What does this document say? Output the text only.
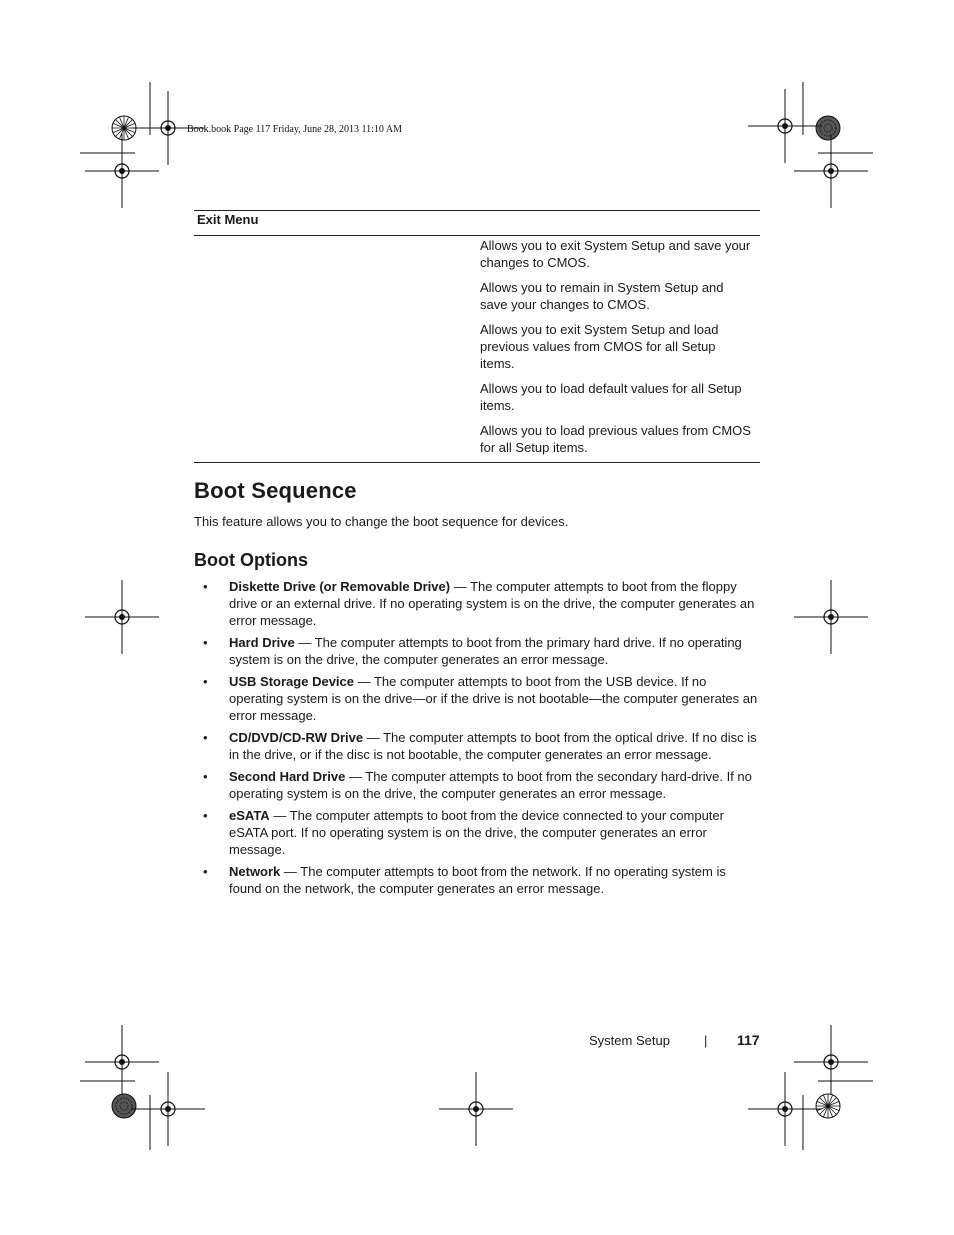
Book.book Page 117 Friday, June 28, 2013 11:10 AM
Exit Menu
Allows you to exit System Setup and save your changes to CMOS.
Allows you to remain in System Setup and save your changes to CMOS.
Allows you to exit System Setup and load previous values from CMOS for all Setup items.
Allows you to load default values for all Setup items.
Allows you to load previous values from CMOS for all Setup items.
Boot Sequence
This feature allows you to change the boot sequence for devices.
Boot Options
• Diskette Drive (or Removable Drive) — The computer attempts to boot from the floppy drive or an external drive. If no operating system is on the drive, the computer generates an error message.
• Hard Drive — The computer attempts to boot from the primary hard drive. If no operating system is on the drive, the computer generates an error message.
• USB Storage Device — The computer attempts to boot from the USB device. If no operating system is on the drive—or if the drive is not bootable—the computer generates an error message.
• CD/DVD/CD-RW Drive — The computer attempts to boot from the optical drive. If no disc is in the drive, or if the disc is not bootable, the computer generates an error message.
• Second Hard Drive — The computer attempts to boot from the secondary hard-drive. If no operating system is on the drive, the computer generates an error message.
• eSATA — The computer attempts to boot from the device connected to your computer eSATA port. If no operating system is on the drive, the computer generates an error message.
• Network — The computer attempts to boot from the network. If no operating system is found on the network, the computer generates an error message.
System Setup	| 117
